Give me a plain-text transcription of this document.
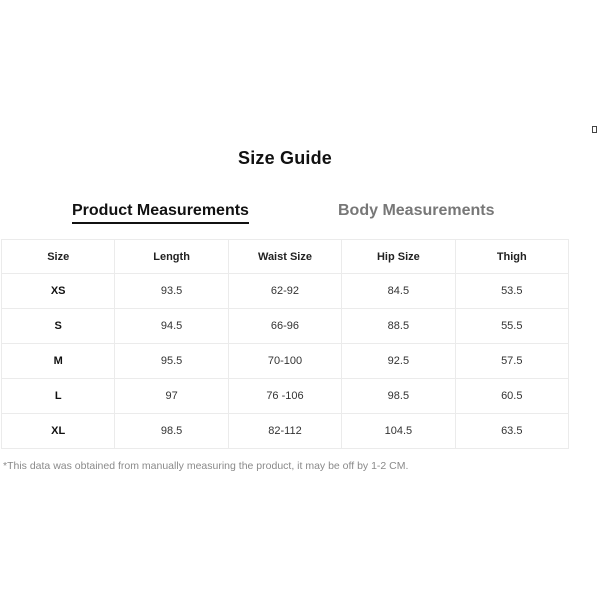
Size Guide
Product Measurements	Body Measurements
Size	Length	Waist Size	Hip Size	Thigh
XS	93.5	62-92	84.5	53.5
S	94.5	66-96	88.5	55.5
M	95.5	70-100	92.5	57.5
L	97	76 -106	98.5	60.5
XL	98.5	82-112	104.5	63.5
*This data was obtained from manually measuring the product, it may be off by 1-2 CM.
